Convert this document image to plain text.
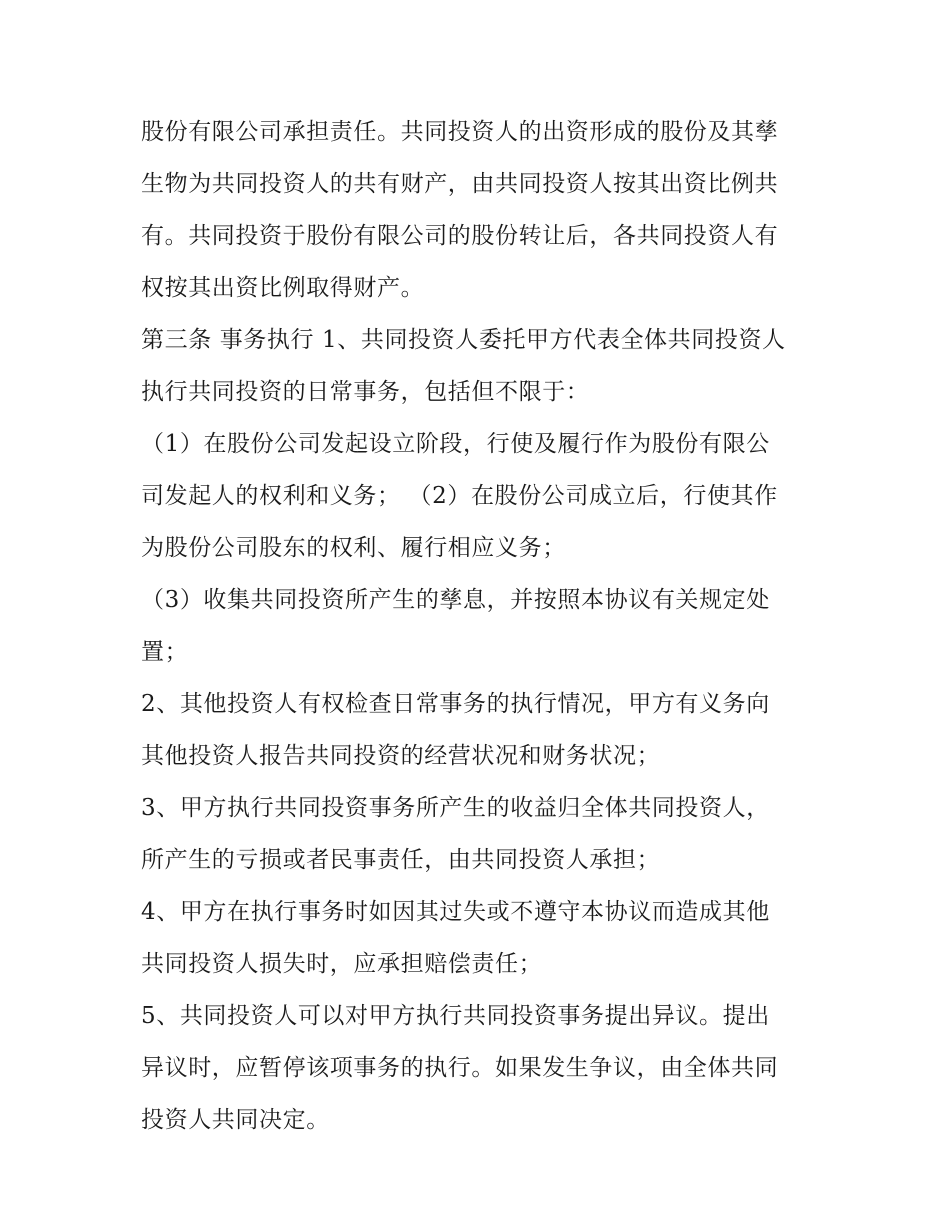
股份有限公司承担责任。共同投资人的出资形成的股份及其孳
生物为共同投资人的共有财产，由共同投资人按其出资比例共
有。共同投资于股份有限公司的股份转让后，各共同投资人有
权按其出资比例取得财产。
第三条 事务执行 1、共同投资人委托甲方代表全体共同投资人
执行共同投资的日常事务，包括但不限于：
（1）在股份公司发起设立阶段，行使及履行作为股份有限公
司发起人的权利和义务； （2）在股份公司成立后，行使其作
为股份公司股东的权利、履行相应义务；
（3）收集共同投资所产生的孳息，并按照本协议有关规定处
置；
2、其他投资人有权检查日常事务的执行情况，甲方有义务向
其他投资人报告共同投资的经营状况和财务状况；
3、甲方执行共同投资事务所产生的收益归全体共同投资人，
所产生的亏损或者民事责任，由共同投资人承担；
4、甲方在执行事务时如因其过失或不遵守本协议而造成其他
共同投资人损失时，应承担赔偿责任；
5、共同投资人可以对甲方执行共同投资事务提出异议。提出
异议时，应暂停该项事务的执行。如果发生争议，由全体共同
投资人共同决定。
